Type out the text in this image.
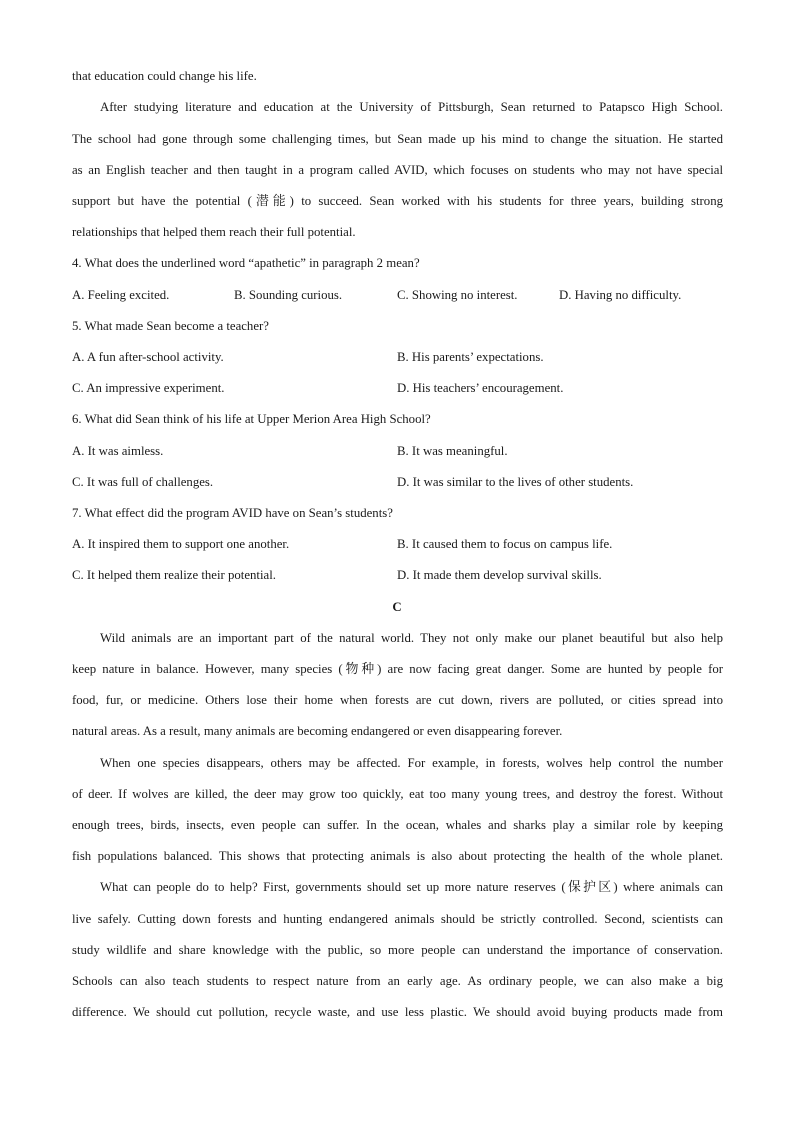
that education could change his life.
After studying literature and education at the University of Pittsburgh, Sean returned to Patapsco High School.
The school had gone through some challenging times, but Sean made up his mind to change the situation. He started
as an English teacher and then taught in a program called AVID, which focuses on students who may not have special
support but have the potential (潜能) to succeed. Sean worked with his students for three years, building strong
relationships that helped them reach their full potential.
4. What does the underlined word “apathetic” in paragraph 2 mean?
A. Feeling excited.	B. Sounding curious.	C. Showing no interest.	D. Having no difficulty.
5. What made Sean become a teacher?
A. A fun after-school activity.	B. His parents’ expectations.
C. An impressive experiment.	D. His teachers’ encouragement.
6. What did Sean think of his life at Upper Merion Area High School?
A. It was aimless.	B. It was meaningful.
C. It was full of challenges.	D. It was similar to the lives of other students.
7. What effect did the program AVID have on Sean’s students?
A. It inspired them to support one another.	B. It caused them to focus on campus life.
C. It helped them realize their potential.	D. It made them develop survival skills.
C
Wild animals are an important part of the natural world. They not only make our planet beautiful but also help
keep nature in balance. However, many species (物种) are now facing great danger. Some are hunted by people for
food, fur, or medicine. Others lose their home when forests are cut down, rivers are polluted, or cities spread into
natural areas. As a result, many animals are becoming endangered or even disappearing forever.
When one species disappears, others may be affected. For example, in forests, wolves help control the number
of deer. If wolves are killed, the deer may grow too quickly, eat too many young trees, and destroy the forest. Without
enough trees, birds, insects, even people can suffer. In the ocean, whales and sharks play a similar role by keeping
fish populations balanced. This shows that protecting animals is also about protecting the health of the whole planet.
What can people do to help? First, governments should set up more nature reserves (保护区) where animals can
live safely. Cutting down forests and hunting endangered animals should be strictly controlled. Second, scientists can
study wildlife and share knowledge with the public, so more people can understand the importance of conservation.
Schools can also teach students to respect nature from an early age. As ordinary people, we can also make a big
difference. We should cut pollution, recycle waste, and use less plastic. We should avoid buying products made from
